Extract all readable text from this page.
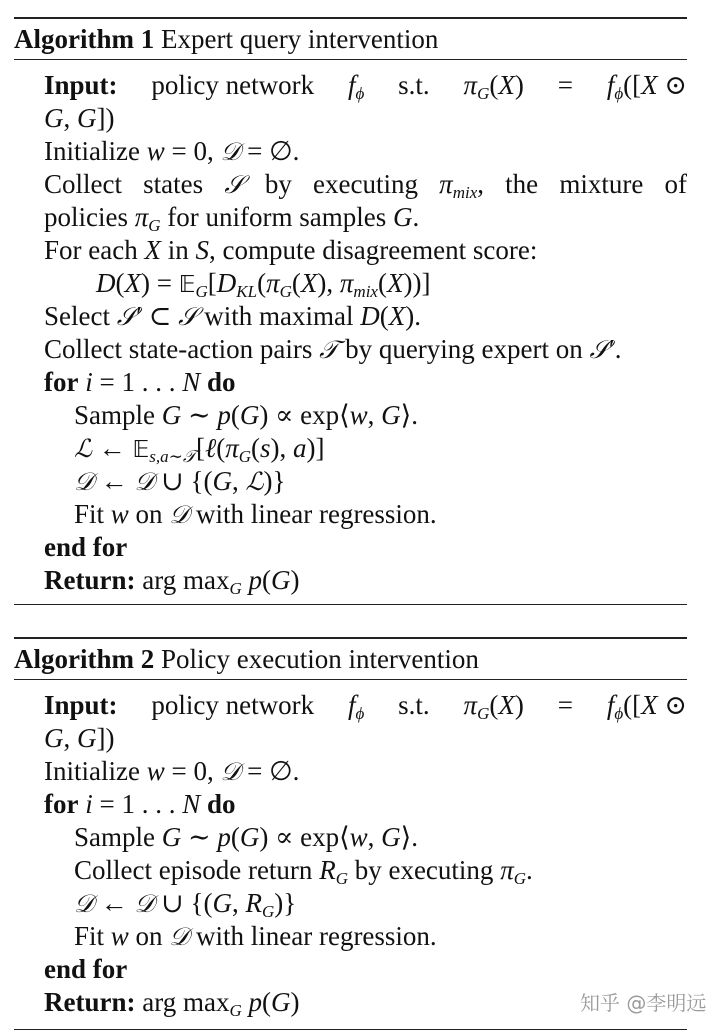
Algorithm 1 Expert query intervention
Input: policy network $f_\phi$ s.t. $\pi_G(X) = f_\phi([X$ ⊙
G, G])
Initialize w = 0, 𝒟 = ∅.
Collect states 𝒮 by executing $\pi_{mix}$, the mixture of
policies $\pi_G$ for uniform samples G.
For each X in S, compute disagreement score:
$D(X) = 𝔼_G[D_{KL}(\pi_G(X)$, $\pi_{mix}(X)$)]
Select 𝒮′ ⊂ 𝒮 with maximal D(X).
Collect state-action pairs 𝒯 by querying expert on 𝒮′.
for i = 1 . . . N do
Sample G ∼ p(G) ∝ exp⟨w, G⟩.
ℒ ← $𝔼_{s,a\sim 𝒯}[\ell(\pi_G(s)$, a)]
𝒟 ← 𝒟 ∪ {(G, ℒ)}
Fit w on 𝒟 with linear regression.
end for
Return: arg $\max_G p(G)$
Algorithm 2 Policy execution intervention
Input: policy network $f_\phi$ s.t. $\pi_G(X) = f_\phi([X$ ⊙
G, G])
Initialize w = 0, 𝒟 = ∅.
for i = 1 . . . N do
Sample G ∼ p(G) ∝ exp⟨w, G⟩.
Collect episode return $R_G$ by executing $\pi_G$.
𝒟 ← 𝒟 ∪ {(G, $R_G$)}
Fit w on 𝒟 with linear regression.
end for
Return: arg $\max_G p(G)$	知乎 @李明远
